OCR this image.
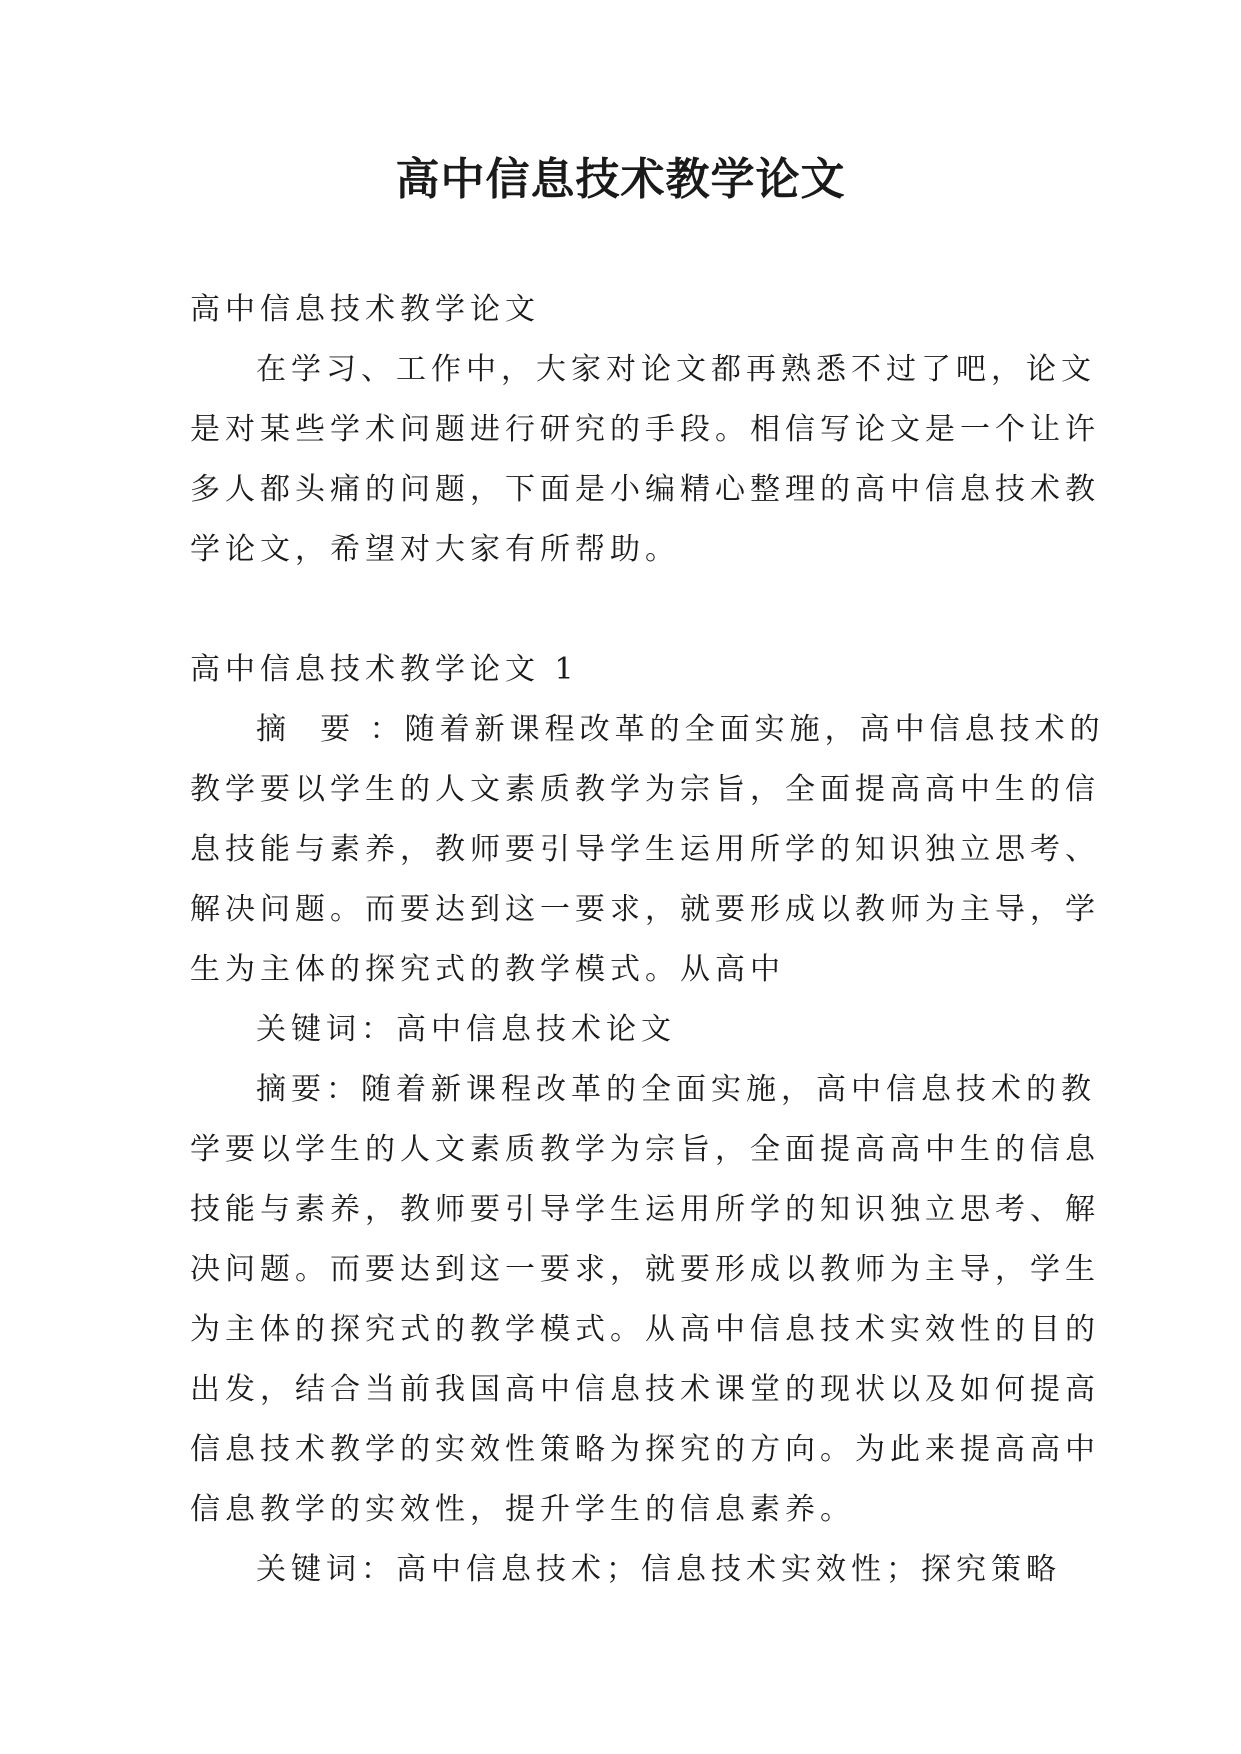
高中信息技术教学论文

高中信息技术教学论文

在学习、工作中，大家对论文都再熟悉不过了吧，论文

是对某些学术问题进行研究的手段。相信写论文是一个让许

多人都头痛的问题，下面是小编精心整理的高中信息技术教

学论文，希望对大家有所帮助。

高中信息技术教学论文 1

摘  要 ：随着新课程改革的全面实施，高中信息技术的

教学要以学生的人文素质教学为宗旨，全面提高高中生的信

息技能与素养，教师要引导学生运用所学的知识独立思考、

解决问题。而要达到这一要求，就要形成以教师为主导，学

生为主体的探究式的教学模式。从高中

关键词：高中信息技术论文

摘要：随着新课程改革的全面实施，高中信息技术的教

学要以学生的人文素质教学为宗旨，全面提高高中生的信息

技能与素养，教师要引导学生运用所学的知识独立思考、解

决问题。而要达到这一要求，就要形成以教师为主导，学生

为主体的探究式的教学模式。从高中信息技术实效性的目的

出发，结合当前我国高中信息技术课堂的现状以及如何提高

信息技术教学的实效性策略为探究的方向。为此来提高高中

信息教学的实效性，提升学生的信息素养。

关键词：高中信息技术；信息技术实效性；探究策略
